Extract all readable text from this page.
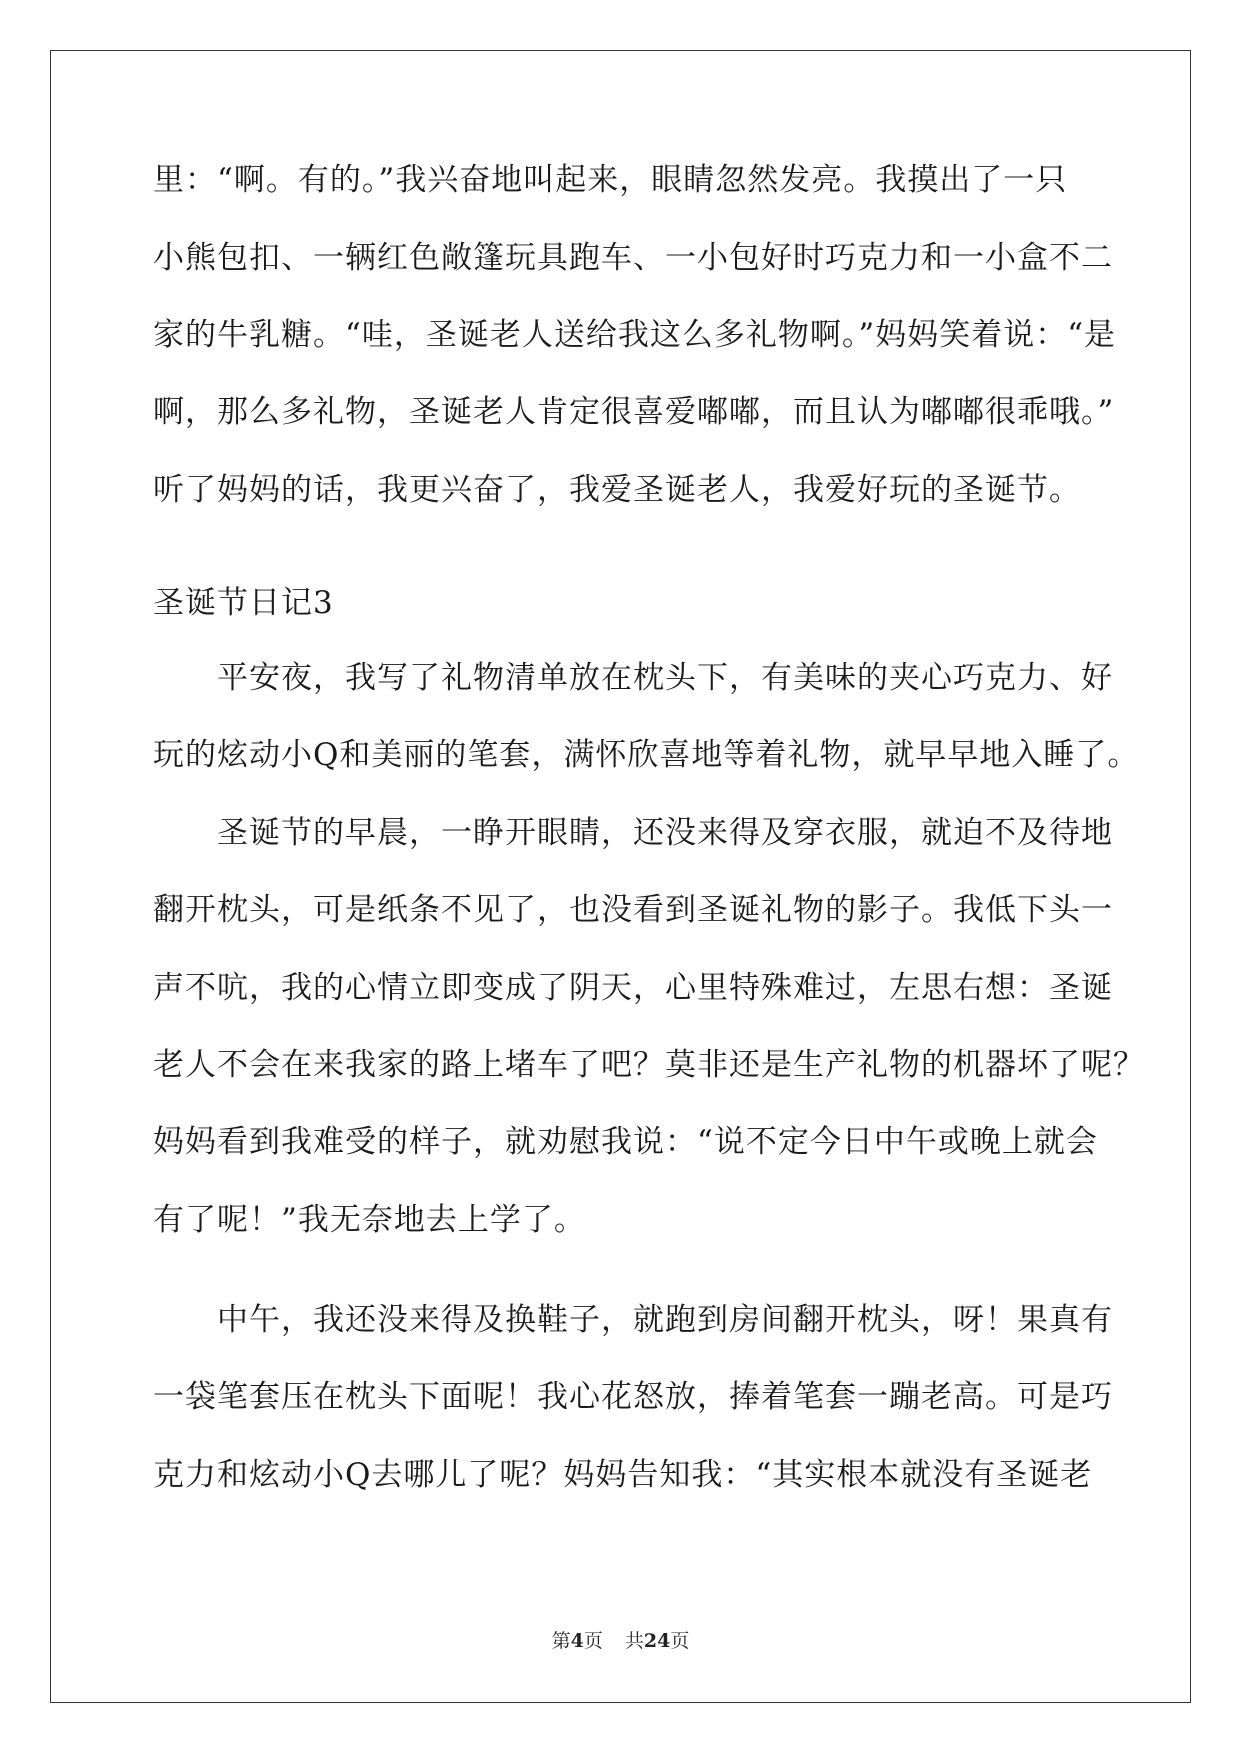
里：“啊。有的。”我兴奋地叫起来，眼睛忽然发亮。我摸出了一只
小熊包扣、一辆红色敞篷玩具跑车、一小包好时巧克力和一小盒不二
家的牛乳糖。“哇，圣诞老人送给我这么多礼物啊。”妈妈笑着说：“是
啊，那么多礼物，圣诞老人肯定很喜爱嘟嘟，而且认为嘟嘟很乖哦。”
听了妈妈的话，我更兴奋了，我爱圣诞老人，我爱好玩的圣诞节。
圣诞节日记3
　　平安夜，我写了礼物清单放在枕头下，有美味的夹心巧克力、好
玩的炫动小Q和美丽的笔套，满怀欣喜地等着礼物，就早早地入睡了。
　　圣诞节的早晨，一睁开眼睛，还没来得及穿衣服，就迫不及待地
翻开枕头，可是纸条不见了，也没看到圣诞礼物的影子。我低下头一
声不吭，我的心情立即变成了阴天，心里特殊难过，左思右想：圣诞
老人不会在来我家的路上堵车了吧？莫非还是生产礼物的机器坏了呢？
妈妈看到我难受的样子，就劝慰我说：“说不定今日中午或晚上就会
有了呢！”我无奈地去上学了。
　　中午，我还没来得及换鞋子，就跑到房间翻开枕头，呀！果真有
一袋笔套压在枕头下面呢！我心花怒放，捧着笔套一蹦老高。可是巧
克力和炫动小Q去哪儿了呢？妈妈告知我：“其实根本就没有圣诞老
第4页 共24页
